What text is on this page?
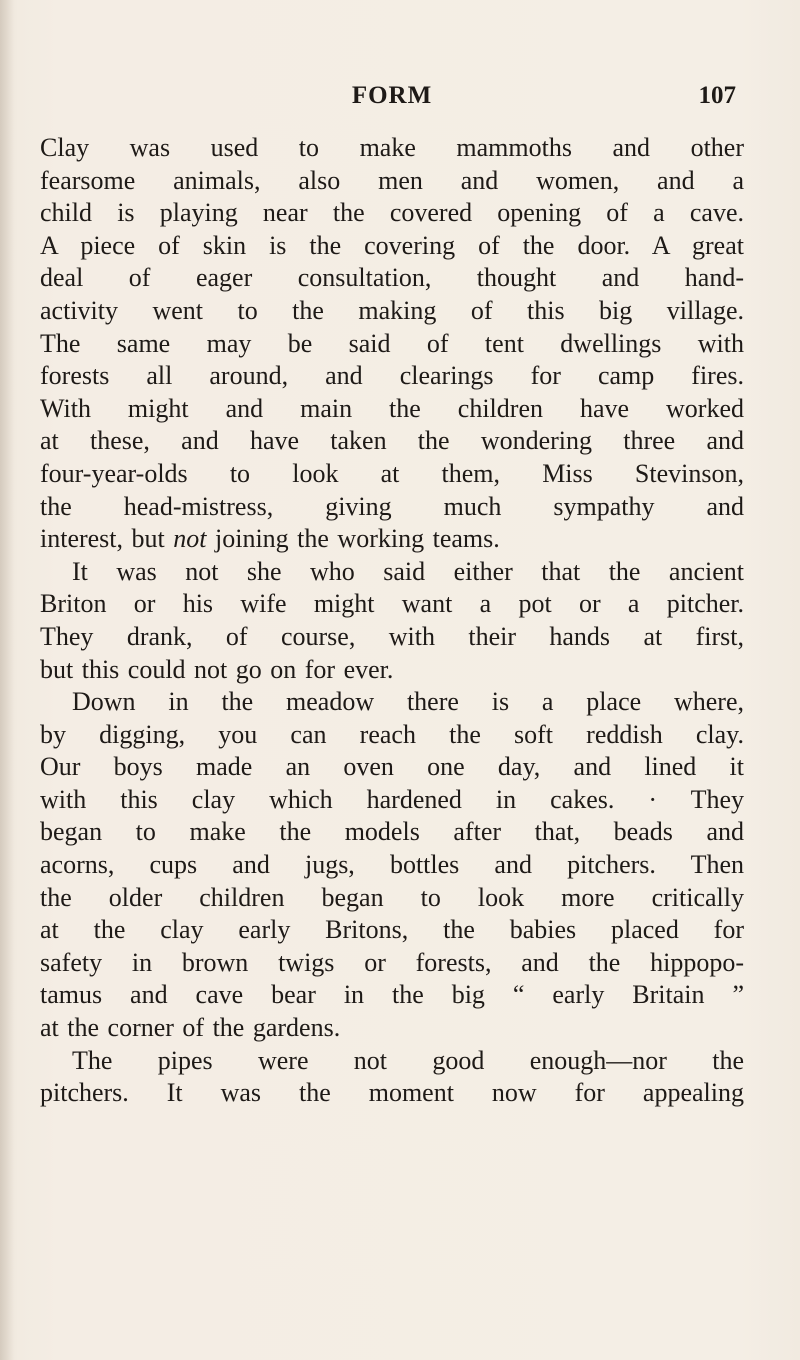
FORM	107
Clay was used to make mammoths and other
fearsome animals, also men and women, and a
child is playing near the covered opening of a cave.
A piece of skin is the covering of the door. A great
deal of eager consultation, thought and hand-
activity went to the making of this big village.
The same may be said of tent dwellings with
forests all around, and clearings for camp fires.
With might and main the children have worked
at these, and have taken the wondering three and
four-year-olds to look at them, Miss Stevinson,
the head-mistress, giving much sympathy and
interest, but not joining the working teams.
It was not she who said either that the ancient
Briton or his wife might want a pot or a pitcher.
They drank, of course, with their hands at first,
but this could not go on for ever.
Down in the meadow there is a place where,
by digging, you can reach the soft reddish clay.
Our boys made an oven one day, and lined it
with this clay which hardened in cakes. · They
began to make the models after that, beads and
acorns, cups and jugs, bottles and pitchers. Then
the older children began to look more critically
at the clay early Britons, the babies placed for
safety in brown twigs or forests, and the hippopo-
tamus and cave bear in the big “ early Britain ”
at the corner of the gardens.
The pipes were not good enough—nor the
pitchers. It was the moment now for appealing
